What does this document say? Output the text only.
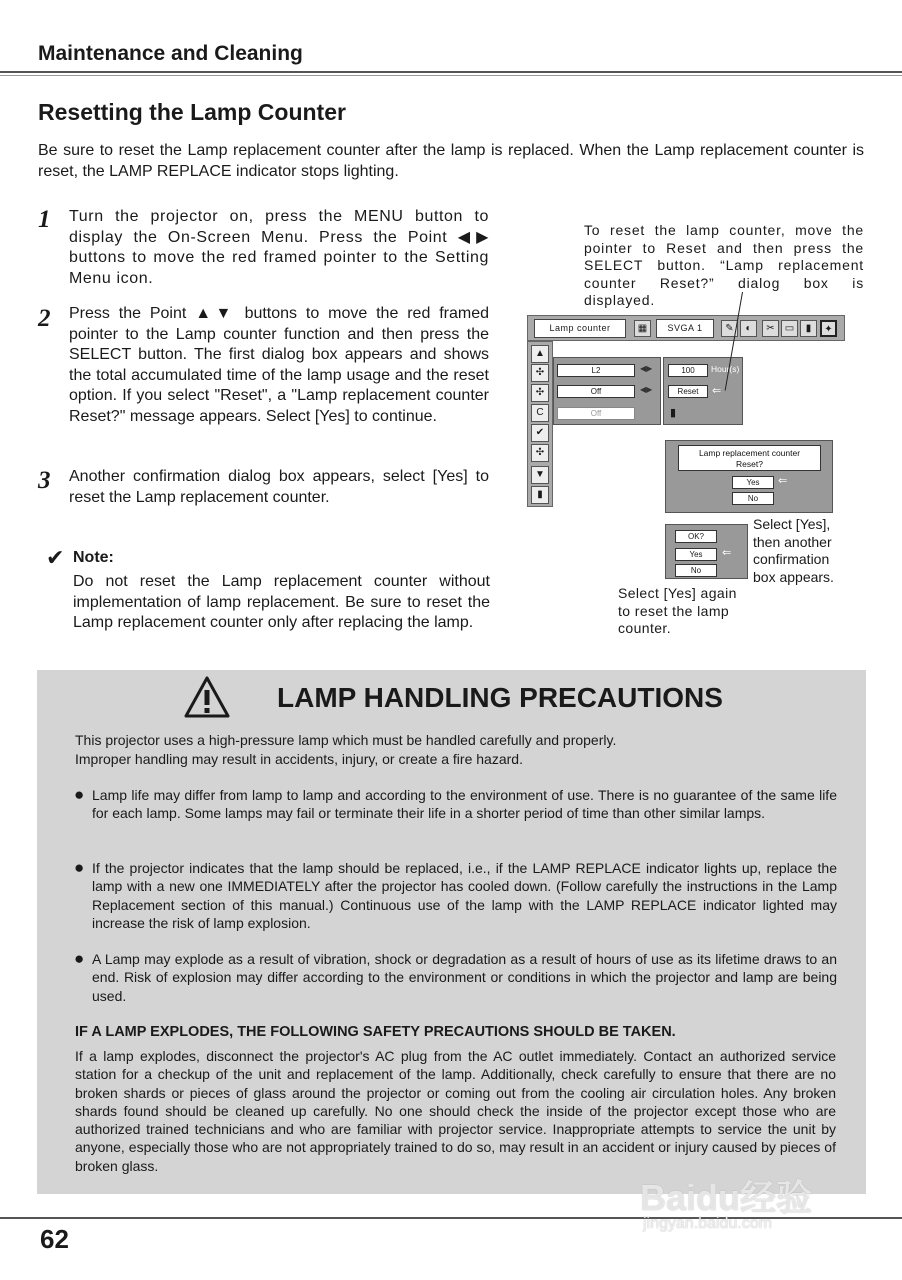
Maintenance and Cleaning
Resetting the Lamp Counter
Be sure to reset the Lamp replacement counter after the lamp is replaced. When the Lamp replacement counter is reset, the LAMP REPLACE indicator stops lighting.
1 Turn the projector on, press the MENU button to display the On-Screen Menu. Press the Point ◀▶ buttons to move the red framed pointer to the Setting Menu icon.
2 Press the Point ▲▼ buttons to move the red framed pointer to the Lamp counter function and then press the SELECT button. The first dialog box appears and shows the total accumulated time of the lamp usage and the reset option. If you select "Reset", a "Lamp replacement counter Reset?" message appears. Select [Yes] to continue.
3 Another confirmation dialog box appears, select [Yes] to reset the Lamp replacement counter.
✔ Note:
Do not reset the Lamp replacement counter without implementation of lamp replacement. Be sure to reset the Lamp replacement counter only after replacing the lamp.
To reset the lamp counter, move the pointer to Reset and then press the SELECT button. “Lamp replacement counter Reset?” dialog box is displayed.
Lamp counter	▦	SVGA 1	✎	◐	✂	▭	▮	✦
▲
✣
✣
C
✔
✣
▼
▮
L2	◀▶
Off	◀▶
Off
100	Hour(s)
Reset	⇐
▮
Lamp replacement counter
Reset?
Yes	⇐
No
OK?
Yes	⇐
No
Select [Yes], then another confirmation box appears.
Select [Yes] again to reset the lamp counter.
LAMP HANDLING PRECAUTIONS
This projector uses a high-pressure lamp which must be handled carefully and properly.
Improper handling may result in accidents, injury, or create a fire hazard.
● Lamp life may differ from lamp to lamp and according to the environment of use. There is no guarantee of the same life for each lamp. Some lamps may fail or terminate their life in a shorter period of time than other similar lamps.
● If the projector indicates that the lamp should be replaced, i.e., if the LAMP REPLACE indicator lights up, replace the lamp with a new one IMMEDIATELY after the projector has cooled down. (Follow carefully the instructions in the Lamp Replacement section of this manual.) Continuous use of the lamp with the LAMP REPLACE indicator lighted may increase the risk of lamp explosion.
● A Lamp may explode as a result of vibration, shock or degradation as a result of hours of use as its lifetime draws to an end. Risk of explosion may differ according to the environment or conditions in which the projector and lamp are being used.
IF A LAMP EXPLODES, THE FOLLOWING SAFETY PRECAUTIONS SHOULD BE TAKEN.
If a lamp explodes, disconnect the projector's AC plug from the AC outlet immediately. Contact an authorized service station for a checkup of the unit and replacement of the lamp. Additionally, check carefully to ensure that there are no broken shards or pieces of glass around the projector or coming out from the cooling air circulation holes. Any broken shards found should be cleaned up carefully. No one should check the inside of the projector except those who are authorized trained technicians and who are familiar with projector service. Inappropriate attempts to service the unit by anyone, especially those who are not appropriately trained to do so, may result in an accident or injury caused by pieces of broken glass.
62
Baidu经验
jingyan.baidu.com
